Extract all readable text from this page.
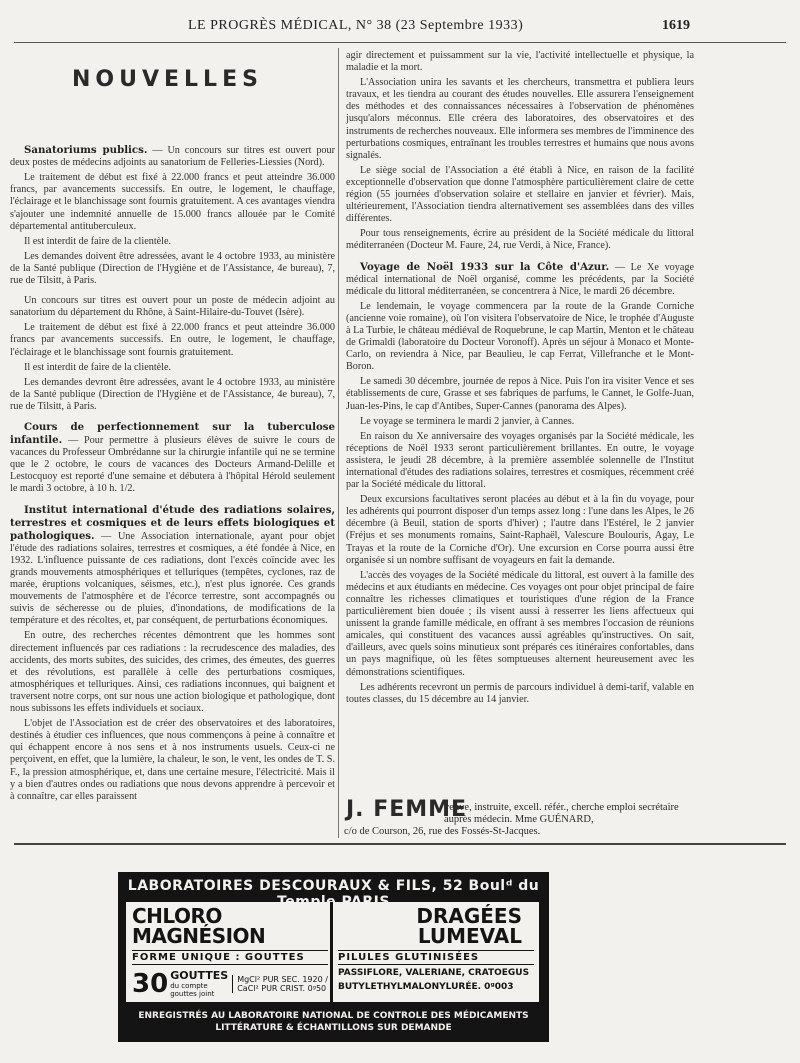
LE PROGRÈS MÉDICAL, N° 38 (23 Septembre 1933)	1619
NOUVELLES

Sanatoriums publics. — Un concours sur titres est ouvert pour deux postes de médecins adjoints au sanatorium de Felleries-Liessies (Nord).

Le traitement de début est fixé à 22.000 francs et peut atteindre 36.000 francs, par avancements successifs. En outre, le logement, le chauffage, l'éclairage et le blanchissage sont fournis gratuitement. A ces avantages viendra s'ajouter une indemnité annuelle de 15.000 francs allouée par le Comité départemental antituberculeux.

Il est interdit de faire de la clientèle.

Les demandes doivent être adressées, avant le 4 octobre 1933, au ministère de la Santé publique (Direction de l'Hygiène et de l'Assistance, 4e bureau), 7, rue de Tilsitt, à Paris.

Un concours sur titres est ouvert pour un poste de médecin adjoint au sanatorium du département du Rhône, à Saint-Hilaire-du-Touvet (Isère).

Le traitement de début est fixé à 22.000 francs et peut atteindre 36.000 francs par avancements successifs. En outre, le logement, le chauffage, l'éclairage et le blanchissage sont fournis gratuitement.

Il est interdit de faire de la clientèle.

Les demandes devront être adressées, avant le 4 octobre 1933, au ministère de la Santé publique (Direction de l'Hygiène et de l'Assistance, 4e bureau), 7, rue de Tilsitt, à Paris.

Cours de perfectionnement sur la tuberculose infantile. — Pour permettre à plusieurs élèves de suivre le cours de vacances du Professeur Ombrédanne sur la chirurgie infantile qui ne se termine que le 2 octobre, le cours de vacances des Docteurs Armand-Delille et Lestocquoy est reporté d'une semaine et débutera à l'hôpital Hérold seulement le mardi 3 octobre, à 10 h. 1/2.

Institut international d'étude des radiations solaires, terrestres et cosmiques et de leurs effets biologiques et pathologiques. — Une Association internationale, ayant pour objet l'étude des radiations solaires, terrestres et cosmiques, a été fondée à Nice, en 1932. L'influence puissante de ces radiations, dont l'excès coïncide avec les grands mouvements atmosphériques et telluriques (tempêtes, cyclones, raz de marée, éruptions volcaniques, séismes, etc.), n'est plus ignorée. Ces grands mouvements de l'atmosphère et de l'écorce terrestre, sont accompagnés ou suivis de sécheresse ou de pluies, d'inondations, de modifications de la température et des récoltes, et, par conséquent, de perturbations économiques.

En outre, des recherches récentes démontrent que les hommes sont directement influencés par ces radiations : la recrudescence des maladies, des accidents, des morts subites, des suicides, des crimes, des émeutes, des guerres et des révolutions, est parallèle à celle des perturbations cosmiques, atmosphériques et telluriques. Ainsi, ces radiations inconnues, qui baignent et traversent notre corps, ont sur nous une action biologique et pathologique, dont nous subissons les effets individuels et sociaux.

L'objet de l'Association est de créer des observatoires et des laboratoires, destinés à étudier ces influences, que nous commençons à peine à connaître et qui échappent encore à nos sens et à nos instruments usuels. Ceux-ci ne perçoivent, en effet, que la lumière, la chaleur, le son, le vent, les ondes de T. S. F., la pression atmosphérique, et, dans une certaine mesure, l'électricité. Mais il y a bien d'autres ondes ou radiations que nous devons apprendre à percevoir et à connaître, car elles paraissent

agir directement et puissamment sur la vie, l'activité intellectuelle et physique, la maladie et la mort.

L'Association unira les savants et les chercheurs, transmettra et publiera leurs travaux, et les tiendra au courant des études nouvelles. Elle assurera l'enseignement des méthodes et des connaissances nécessaires à l'observation de phénomènes jusqu'alors méconnus. Elle créera des laboratoires, des observatoires et des instruments de recherches nouveaux. Elle informera ses membres de l'imminence des perturbations cosmiques, entraînant les troubles terrestres et humains que nous avons signalés.

Le siège social de l'Association a été établi à Nice, en raison de la facilité exceptionnelle d'observation que donne l'atmosphère particulièrement claire de cette région (55 journées d'observation solaire et stellaire en janvier et février). Mais, ultérieurement, l'Association tiendra alternativement ses assemblées dans des villes différentes.

Pour tous renseignements, écrire au président de la Société médicale du littoral méditerranéen (Docteur M. Faure, 24, rue Verdi, à Nice, France).

Voyage de Noël 1933 sur la Côte d'Azur. — Le Xe voyage médical international de Noël organisé, comme les précédents, par la Société médicale du littoral méditerranéen, se concentrera à Nice, le mardi 26 décembre.

Le lendemain, le voyage commencera par la route de la Grande Corniche (ancienne voie romaine), où l'on visitera l'observatoire de Nice, le trophée d'Auguste à La Turbie, le château médiéval de Roquebrune, le cap Martin, Menton et le château de Grimaldi (laboratoire du Docteur Voronoff). Après un séjour à Monaco et Monte-Carlo, on reviendra à Nice, par Beaulieu, le cap Ferrat, Villefranche et le Mont-Boron.

Le samedi 30 décembre, journée de repos à Nice. Puis l'on ira visiter Vence et ses établissements de cure, Grasse et ses fabriques de parfums, le Cannet, le Golfe-Juan, Juan-les-Pins, le cap d'Antibes, Super-Cannes (panorama des Alpes).

Le voyage se terminera le mardi 2 janvier, à Cannes.

En raison du Xe anniversaire des voyages organisés par la Société médicale, les réceptions de Noël 1933 seront particulièrement brillantes. En outre, le voyage assistera, le jeudi 28 décembre, à la première assemblée solennelle de l'Institut international d'études des radiations solaires, terrestres et cosmiques, récemment créé par la Société médicale du littoral.

Deux excursions facultatives seront placées au début et à la fin du voyage, pour les adhérents qui pourront disposer d'un temps assez long : l'une dans les Alpes, le 26 décembre (à Beuil, station de sports d'hiver) ; l'autre dans l'Estérel, le 2 janvier (Fréjus et ses monuments romains, Saint-Raphaël, Valescure Boulouris, Agay, Le Trayas et la route de la Corniche d'Or). Une excursion en Corse pourra aussi être organisée si un nombre suffisant de voyageurs en fait la demande.

L'accès des voyages de la Société médicale du littoral, est ouvert à la famille des médecins et aux étudiants en médecine. Ces voyages ont pour objet principal de faire connaître les richesses climatiques et touristiques d'une région de la France particulièrement bien douée ; ils visent aussi à resserrer les liens affectueux qui unissent la grande famille médicale, en offrant à ses membres l'occasion de réunions amicales, qui constituent des vacances aussi agréables qu'instructives. On sait, d'ailleurs, avec quels soins minutieux sont préparés ces itinéraires confortables, dans un pays magnifique, où les fêtes somptueuses alternent heureusement avec les démonstrations scientifiques.

Les adhérents recevront un permis de parcours individuel à demi-tarif, valable en toutes classes, du 15 décembre au 14 janvier.

J. FEMME
veuve, instruite, excell. référ., cherche emploi secrétaire auprès médecin. Mme GUÉNARD,
c/o de Courson, 26, rue des Fossés-St-Jacques.
LABORATOIRES DESCOURAUX & FILS, 52 Boulᵈ du
CHLORO MAGNÉSION
FORME UNIQUE : GOUTTES
30 GOUTTES
du compte gouttes joint
MgCl² PUR SEC. 1920 / CaCl² PUR CRIST. 0ᵍ50
DRAGÉES LUMEVAL
PILULES GLUTINISÉES
PASSIFLORE, VALERIANE, CRATOEGUS
BUTYLETHYLMALONYLURÉE. 0ᵍ003
ENREGISTRÉS AU LABORATOIRE NATIONAL DE CONTROLE DES MÉDICAMENTS
LITTÉRATURE & ÉCHANTILLONS SUR DEMANDE
